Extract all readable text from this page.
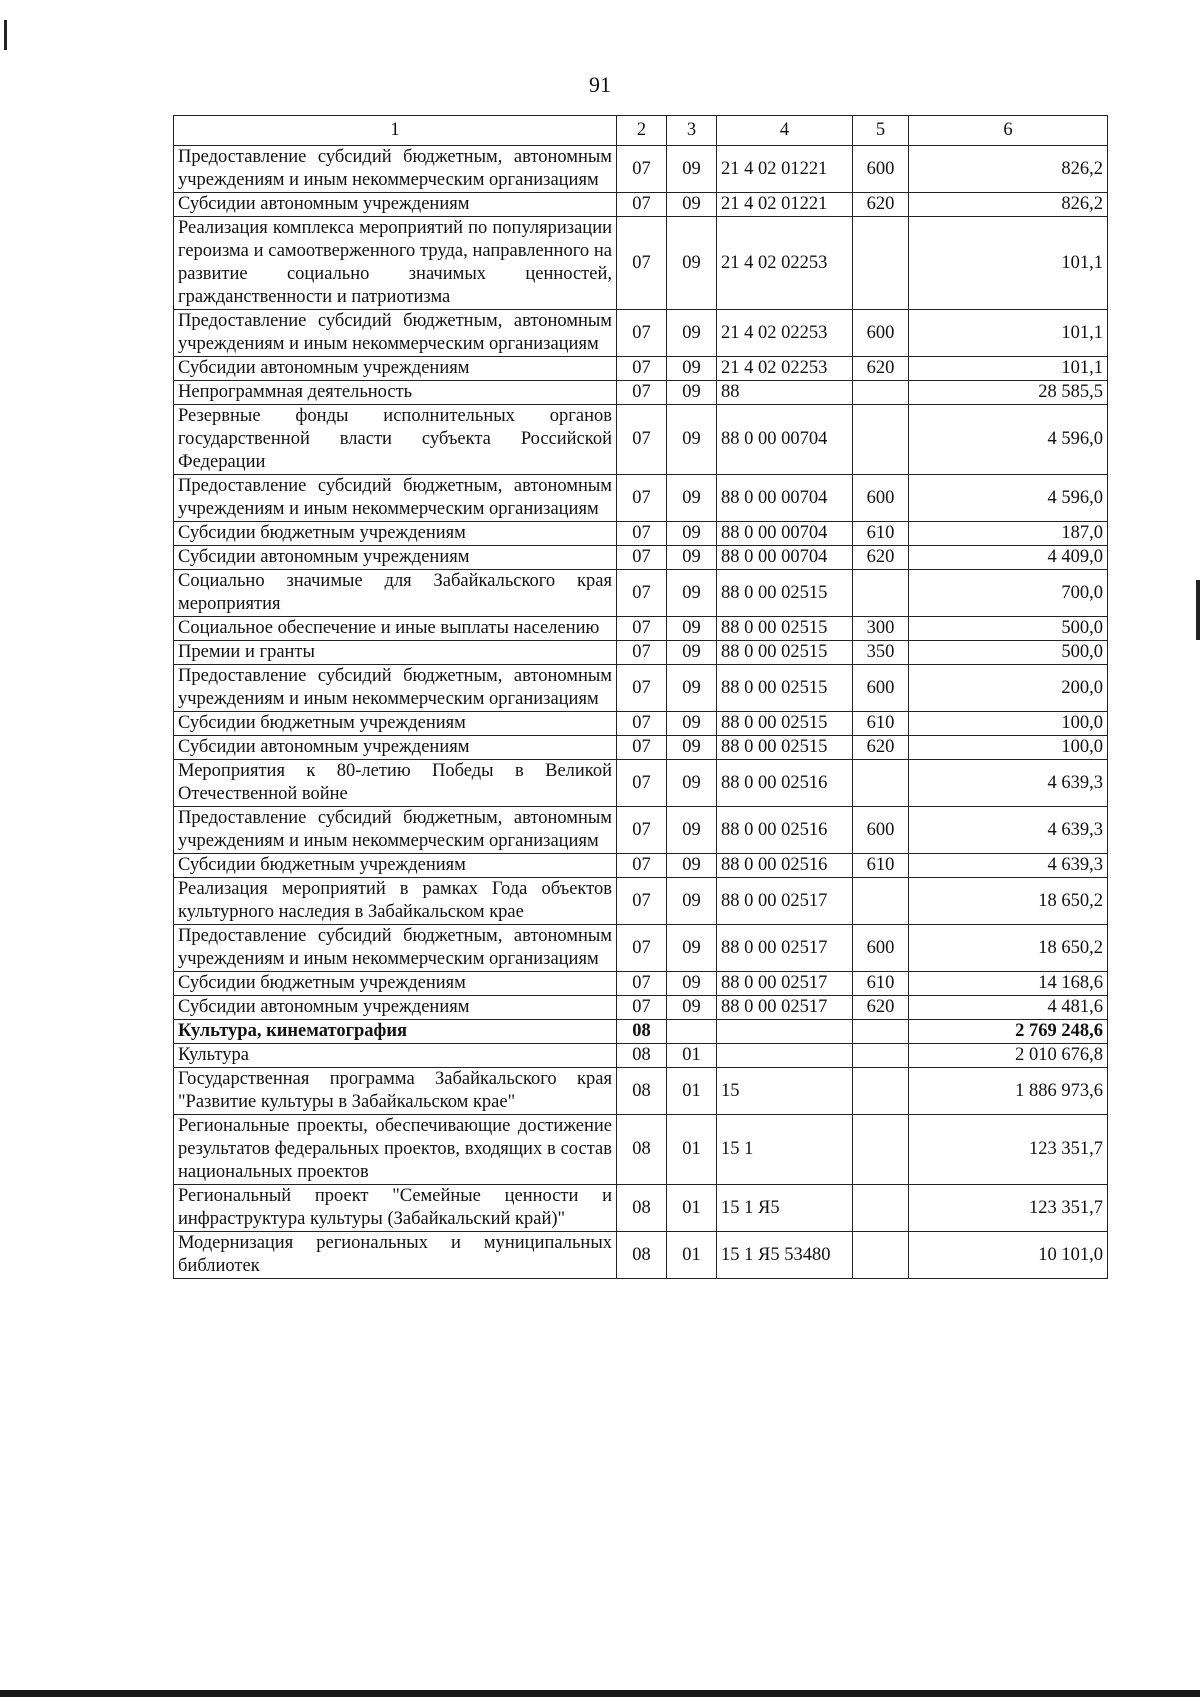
91
1	2	3	4	5	6
Предоставление субсидий бюджетным, автономным учреждениям и иным некоммерческим организациям	07	09	21 4 02 01221	600	826,2
Субсидии автономным учреждениям	07	09	21 4 02 01221	620	826,2
Реализация комплекса мероприятий по популяризации героизма и самоотверженного труда, направленного на развитие социально значимых ценностей, гражданственности и патриотизма	07	09	21 4 02 02253		101,1
Предоставление субсидий бюджетным, автономным учреждениям и иным некоммерческим организациям	07	09	21 4 02 02253	600	101,1
Субсидии автономным учреждениям	07	09	21 4 02 02253	620	101,1
Непрограммная деятельность	07	09	88		28 585,5
Резервные фонды исполнительных органов государственной власти субъекта Российской Федерации	07	09	88 0 00 00704		4 596,0
Предоставление субсидий бюджетным, автономным учреждениям и иным некоммерческим организациям	07	09	88 0 00 00704	600	4 596,0
Субсидии бюджетным учреждениям	07	09	88 0 00 00704	610	187,0
Субсидии автономным учреждениям	07	09	88 0 00 00704	620	4 409,0
Социально значимые для Забайкальского края мероприятия	07	09	88 0 00 02515		700,0
Социальное обеспечение и иные выплаты населению	07	09	88 0 00 02515	300	500,0
Премии и гранты	07	09	88 0 00 02515	350	500,0
Предоставление субсидий бюджетным, автономным учреждениям и иным некоммерческим организациям	07	09	88 0 00 02515	600	200,0
Субсидии бюджетным учреждениям	07	09	88 0 00 02515	610	100,0
Субсидии автономным учреждениям	07	09	88 0 00 02515	620	100,0
Мероприятия к 80-летию Победы в Великой Отечественной войне	07	09	88 0 00 02516		4 639,3
Предоставление субсидий бюджетным, автономным учреждениям и иным некоммерческим организациям	07	09	88 0 00 02516	600	4 639,3
Субсидии бюджетным учреждениям	07	09	88 0 00 02516	610	4 639,3
Реализация мероприятий в рамках Года объектов культурного наследия в Забайкальском крае	07	09	88 0 00 02517		18 650,2
Предоставление субсидий бюджетным, автономным учреждениям и иным некоммерческим организациям	07	09	88 0 00 02517	600	18 650,2
Субсидии бюджетным учреждениям	07	09	88 0 00 02517	610	14 168,6
Субсидии автономным учреждениям	07	09	88 0 00 02517	620	4 481,6
Культура, кинематография	08				2 769 248,6
Культура	08	01			2 010 676,8
Государственная программа Забайкальского края "Развитие культуры в Забайкальском крае"	08	01	15		1 886 973,6
Региональные проекты, обеспечивающие достижение результатов федеральных проектов, входящих в состав национальных проектов	08	01	15 1		123 351,7
Региональный проект "Семейные ценности и инфраструктура культуры (Забайкальский край)"	08	01	15 1 Я5		123 351,7
Модернизация региональных и муниципальных библиотек	08	01	15 1 Я5 53480		10 101,0
